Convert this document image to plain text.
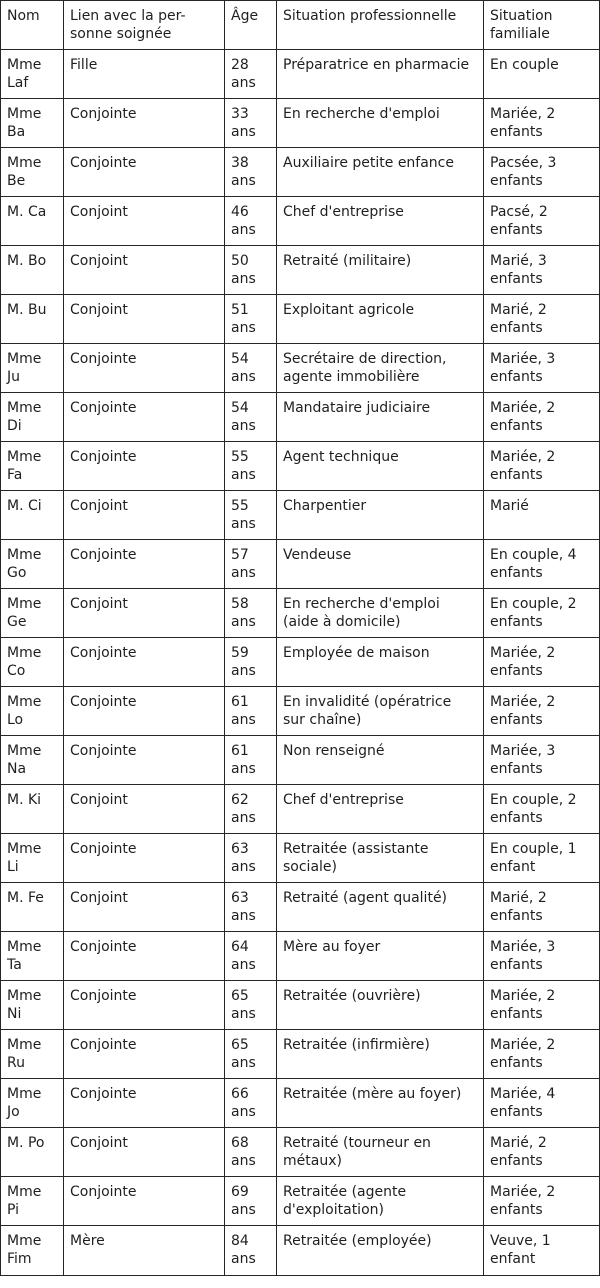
Nom	Lien avec la per-sonne soignée	Âge	Situation professionnelle	Situation familiale
Mme Laf	Fille	28 ans	Préparatrice en pharmacie	En couple
Mme Ba	Conjointe	33 ans	En recherche d'emploi	Mariée, 2 enfants
Mme Be	Conjointe	38 ans	Auxiliaire petite enfance	Pacsée, 3 enfants
M. Ca	Conjoint	46 ans	Chef d'entreprise	Pacsé, 2 enfants
M. Bo	Conjoint	50 ans	Retraité (militaire)	Marié, 3 enfants
M. Bu	Conjoint	51 ans	Exploitant agricole	Marié, 2 enfants
Mme Ju	Conjointe	54 ans	Secrétaire de direction, agente immobilière	Mariée, 3 enfants
Mme Di	Conjointe	54 ans	Mandataire judiciaire	Mariée, 2 enfants
Mme Fa	Conjointe	55 ans	Agent technique	Mariée, 2 enfants
M. Ci	Conjoint	55 ans	Charpentier	Marié
Mme Go	Conjointe	57 ans	Vendeuse	En couple, 4 enfants
Mme Ge	Conjoint	58 ans	En recherche d'emploi (aide à domicile)	En couple, 2 enfants
Mme Co	Conjointe	59 ans	Employée de maison	Mariée, 2 enfants
Mme Lo	Conjointe	61 ans	En invalidité (opératrice sur chaîne)	Mariée, 2 enfants
Mme Na	Conjointe	61 ans	Non renseigné	Mariée, 3 enfants
M. Ki	Conjoint	62 ans	Chef d'entreprise	En couple, 2 enfants
Mme Li	Conjointe	63 ans	Retraitée (assistante sociale)	En couple, 1 enfant
M. Fe	Conjoint	63 ans	Retraité (agent qualité)	Marié, 2 enfants
Mme Ta	Conjointe	64 ans	Mère au foyer	Mariée, 3 enfants
Mme Ni	Conjointe	65 ans	Retraitée (ouvrière)	Mariée, 2 enfants
Mme Ru	Conjointe	65 ans	Retraitée (infirmière)	Mariée, 2 enfants
Mme Jo	Conjointe	66 ans	Retraitée (mère au foyer)	Mariée, 4 enfants
M. Po	Conjoint	68 ans	Retraité (tourneur en métaux)	Marié, 2 enfants
Mme Pi	Conjointe	69 ans	Retraitée (agente d'exploitation)	Mariée, 2 enfants
Mme Fim	Mère	84 ans	Retraitée (employée)	Veuve, 1 enfant
